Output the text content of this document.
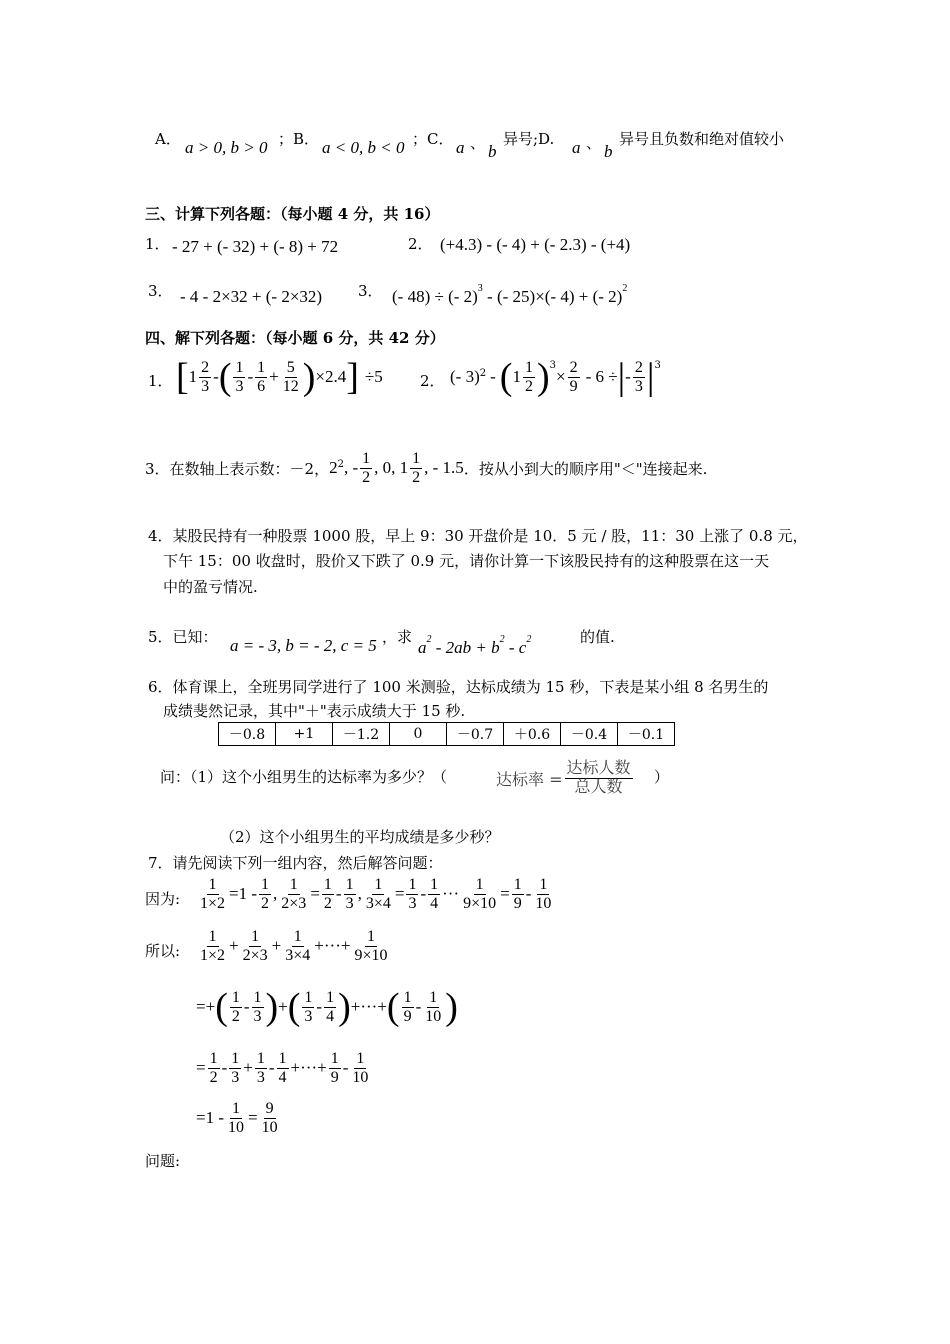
A． a > 0, b > 0 ；B． a < 0, b < 0 ；C． a 、 b
异号;D. a 、 b
异号且负数和绝对值较小
三、计算下列各题：（每小题 4 分，共 16）
1． - 27 + (- 32) + (- 8) + 72	2． (+4.3) - (- 4) + (- 2.3) - (+4)
3． - 4 - 2×32 + (- 2×32) 3． (- 48) ÷ (- 2)$^3$ - (- 25)×(- 4) + (- 2)$^2$
四、解下列各题：（每小题 6 分，共 42 分）
1． [ $1 \frac{2}{3}$ - ( $\frac{1}{3} - \frac{1}{6} + \frac{5}{12}$ ) ×2.4 ] ÷5 2． (- 3) 2 - ( $1 \frac{1}{2}$ ) 3
× $\frac{2}{9} - 6$ ÷ | - $\frac{2}{3}$ | 3
3．在数轴上表示数：－2， 2 2 , - $\frac{1}{2}$ , 0, $1 \frac{1}{2}$ , - 1.5 ．按从小到大的顺序用"＜"连接起来.
4．某股民持有一种股票 1000 股，早上 9：30 开盘价是 10．5 元 / 股，11：30 上涨了 0.8 元，
下午 15：00 收盘时，股价又下跌了 0.9 元，请你计算一下该股民持有的这种股票在这一天
中的盈亏情况.
5．已知： a = - 3, b = - 2, c = 5 ，求
$a^2 - 2ab + b^2 - c^2$	的值.
6．体育课上，全班男同学进行了 100 米测验，达标成绩为 15 秒，下表是某小组 8 名男生的
成绩斐然记录，其中"＋"表示成绩大于 15 秒.
－0.8	+1	－1.2	0	－0.7	＋0.6	－0.4	－0.1
问：（1）这个小组男生的达标率为多少？（	达标率 = $\frac{\text{达标人数}}{\text{总人数}}$ ）
（2）这个小组男生的平均成绩是多少秒？
7．请先阅读下列一组内容，然后解答问题：
因为: $\frac{1}{1\times 2} =1 - \frac{1}{2}$ , $\frac{1}{2\times 3} = \frac{1}{2} - \frac{1}{3}$ , $\frac{1}{3\times 4} = \frac{1}{3} - \frac{1}{4}$ ··· $\frac{1}{9\times 10} = \frac{1}{9} - \frac{1}{10}$
所以: $\frac{1}{1\times 2} + \frac{1}{2\times 3} + \frac{1}{3\times 4}$ +···+ $\frac{1}{9\times 10}$
=+ ( $\frac{1}{2} - \frac{1}{3}$ ) + ( $\frac{1}{3} - \frac{1}{4}$ ) +···+ ( $\frac{1}{9} - \frac{1}{10}$ )
= $\frac{1}{2} - \frac{1}{3} + \frac{1}{3} - \frac{1}{4}$ +···+ $\frac{1}{9} - \frac{1}{10}$
$=1 - \frac{1}{10} = \frac{9}{10}$
问题:
